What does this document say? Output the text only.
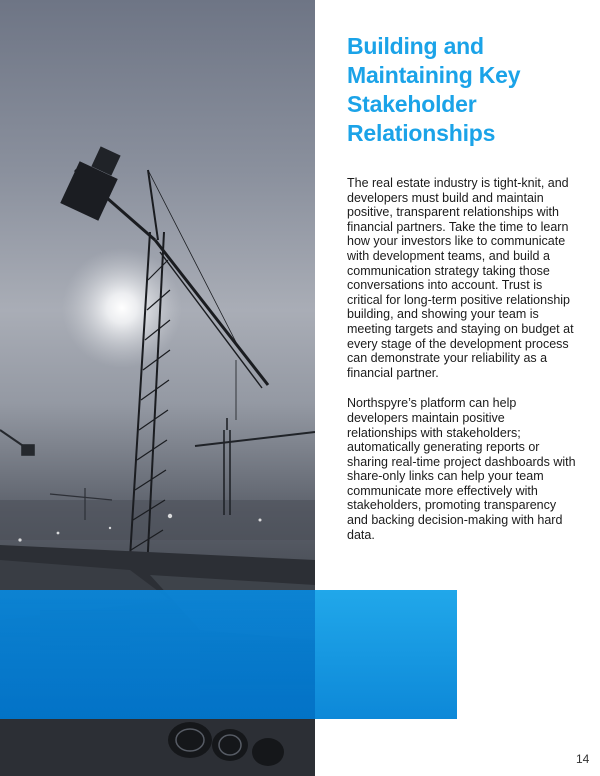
Building and Maintaining Key Stakeholder Relationships

The real estate industry is tight-knit, and developers must build and maintain positive, transparent relationships with financial partners. Take the time to learn how your investors like to communicate with development teams, and build a communication strategy taking those conversations into account. Trust is critical for long-term positive relationship building, and showing your team is meeting targets and staying on budget at every stage of the development process can demonstrate your reliability as a financial partner.

Northspyre’s platform can help developers maintain positive relationships with stakeholders; automatically generating reports or sharing real-time project dashboards with share-only links can help your team communicate more effectively with stakeholders, promoting transparency and backing decision-making with hard data.

14
